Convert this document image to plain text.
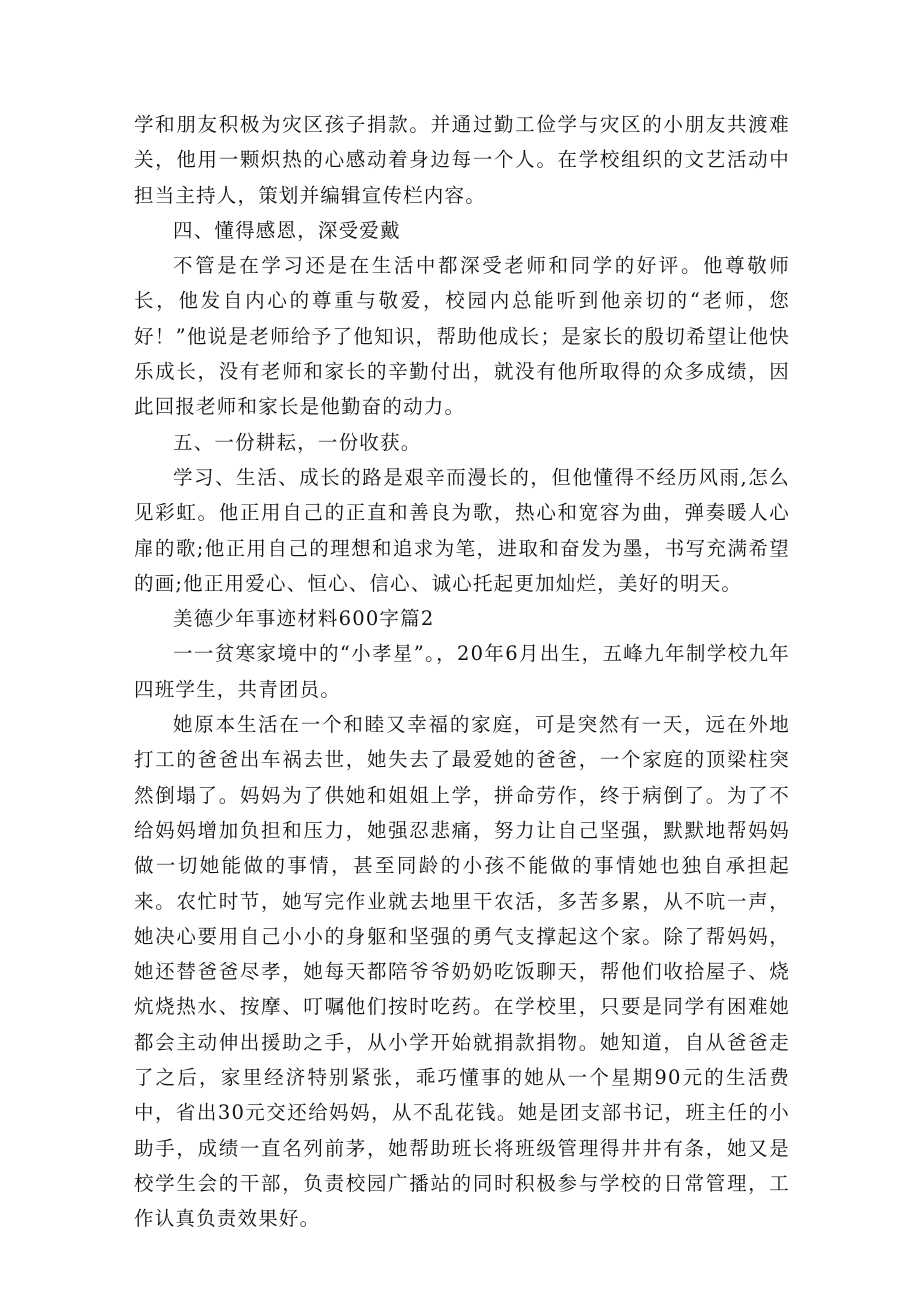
学和朋友积极为灾区孩子捐款。并通过勤工俭学与灾区的小朋友共渡难关，他用一颗炽热的心感动着身边每一个人。在学校组织的文艺活动中担当主持人，策划并编辑宣传栏内容。

四、懂得感恩，深受爱戴

不管是在学习还是在生活中都深受老师和同学的好评。他尊敬师长，他发自内心的尊重与敬爱，校园内总能听到他亲切的“老师，您好！”他说是老师给予了他知识，帮助他成长；是家长的殷切希望让他快乐成长，没有老师和家长的辛勤付出，就没有他所取得的众多成绩，因此回报老师和家长是他勤奋的动力。

五、一份耕耘，一份收获。

学习、生活、成长的路是艰辛而漫长的，但他懂得不经历风雨,怎么见彩虹。他正用自己的正直和善良为歌，热心和宽容为曲，弹奏暖人心扉的歌;他正用自己的理想和追求为笔，进取和奋发为墨，书写充满希望的画;他正用爱心、恒心、信心、诚心托起更加灿烂，美好的明天。

美德少年事迹材料600字篇2

一一贫寒家境中的“小孝星”。，20年6月出生，五峰九年制学校九年四班学生，共青团员。

她原本生活在一个和睦又幸福的家庭，可是突然有一天，远在外地打工的爸爸出车祸去世，她失去了最爱她的爸爸，一个家庭的顶梁柱突然倒塌了。妈妈为了供她和姐姐上学，拼命劳作，终于病倒了。为了不给妈妈增加负担和压力，她强忍悲痛，努力让自己坚强，默默地帮妈妈做一切她能做的事情，甚至同龄的小孩不能做的事情她也独自承担起来。农忙时节，她写完作业就去地里干农活，多苦多累，从不吭一声，她决心要用自己小小的身躯和坚强的勇气支撑起这个家。除了帮妈妈，她还替爸爸尽孝，她每天都陪爷爷奶奶吃饭聊天，帮他们收拾屋子、烧炕烧热水、按摩、叮嘱他们按时吃药。在学校里，只要是同学有困难她都会主动伸出援助之手，从小学开始就捐款捐物。她知道，自从爸爸走了之后，家里经济特别紧张，乖巧懂事的她从一个星期90元的生活费中，省出30元交还给妈妈，从不乱花钱。她是团支部书记，班主任的小助手，成绩一直名列前茅，她帮助班长将班级管理得井井有条，她又是校学生会的干部，负责校园广播站的同时积极参与学校的日常管理，工作认真负责效果好。
